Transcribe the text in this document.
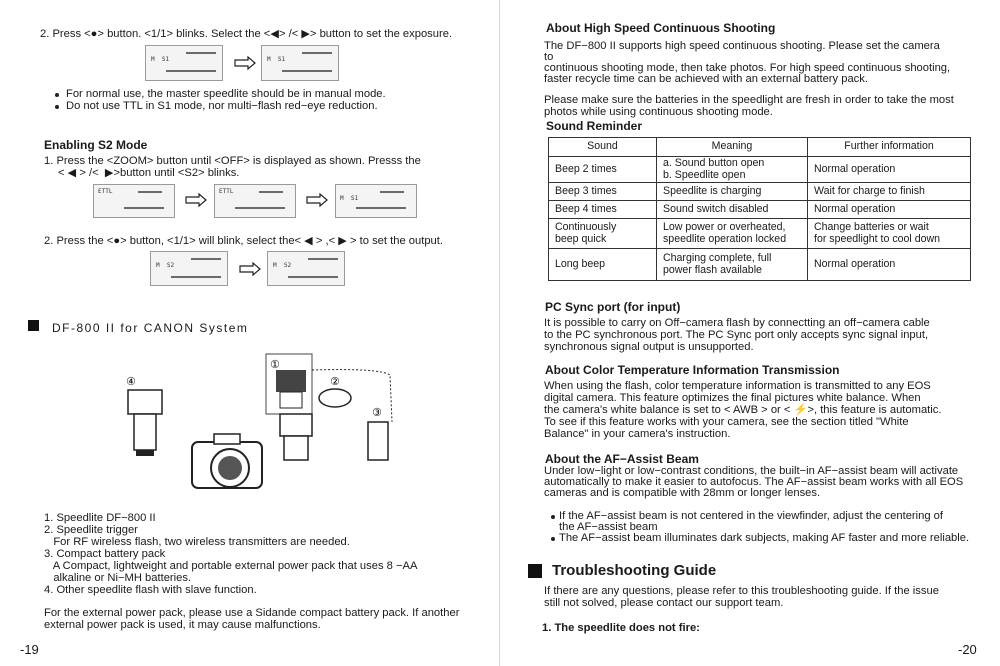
2. Press <●> button. <1/1> blinks. Select the <◀> /< ▶> button to set the exposure.
M  S1	M  S1
For normal use, the master speedlite should be in manual mode.
Do not use TTL in S1 mode, nor multi−flash red−eye reduction.
Enabling S2 Mode
1. Press the <ZOOM> button until <OFF> is displayed as shown. Presss the
< ◀ > /<  ▶>button until <S2> blinks.
ETTL	ETTL
M  S1
2. Press the <●> button, <1/1> will blink, select the< ◀ > ,< ▶ > to set the output.
M  S2	M  S2
DF-800 II for CANON System
①
②
③
④
1. Speedlite DF−800 II
2. Speedlite trigger
For RF wireless flash, two wireless transmitters are needed.
3. Compact battery pack
A Compact, lightweight and portable external power pack that uses 8 −AA
alkaline or Ni−MH batteries.
4. Other speedlite flash with slave function.
For the external power pack, please use a Sidande compact battery pack. If another
external power pack is used, it may cause malfunctions.
-19
About High Speed Continuous Shooting
The DF−800 II supports high speed continuous shooting. Please set the camera
to
continuous shooting mode, then take photos. For high speed continuous shooting,
faster recycle time can be achieved with an external battery pack.
Please make sure the batteries in the speedlight are fresh in order to take the most
photos while using continuous shooting mode.
Sound Reminder
Sound	Meaning	Further information
Beep 2 times	a. Sound button open
b. Speedlite open	Normal operation
Beep 3 times	Speedlite is charging	Wait for charge to finish
Beep 4 times	Sound switch disabled	Normal operation
Continuously
beep quick	Low power or overheated,
speedlite operation locked	Change batteries or wait
for speedlight to cool down
Long beep	Charging complete, full
power flash available	Normal operation
PC Sync port (for input)
It is possible to carry on Off−camera flash by connectting an off−camera cable
to the PC synchronous port. The PC Sync port only accepts sync signal input,
synchronous signal output is unsupported.
About Color Temperature Information Transmission
When using the flash, color temperature information is transmitted to any EOS
digital camera. This feature optimizes the final pictures white balance. When
the camera's white balance is set to < AWB > or < ⚡>, this feature is automatic.
To see if this feature works with your camera, see the section titled "White
Balance" in your camera's instruction.
About the AF−Assist Beam
Under low−light or low−contrast conditions, the built−in AF−assist beam will activate
automatically to make it easier to autofocus. The AF−assist beam works with all EOS
cameras and is compatible with 28mm or longer lenses.
If the AF−assist beam is not centered in the viewfinder, adjust the centering of
the AF−assist beam
The AF−assist beam illuminates dark subjects, making AF faster and more reliable.
Troubleshooting Guide
If there are any questions, please refer to this troubleshooting guide. If the issue
still not solved, please contact our support team.
1. The speedlite does not fire:
-20
